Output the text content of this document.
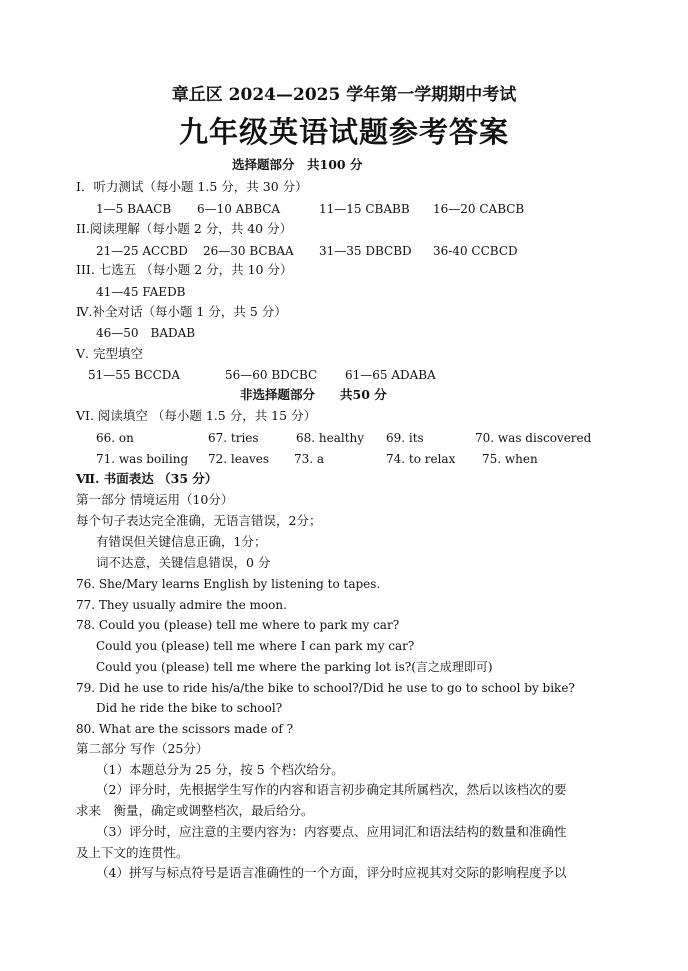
章丘区 2024—2025 学年第一学期期中考试
九年级英语试题参考答案
选择题部分　共100 分
I．听力测试（每小题 1.5 分，共 30 分）
1—5 BAACB 6—10 ABBCA	11—15 CBABB 16—20 CABCB
II.阅读理解（每小题 2 分，共 40 分）
21—25 ACCBD 26—30 BCBAA 31—35 DBCBD 36-40 CCBCD
III. 七选五 （每小题 2 分，共 10 分）
41—45 FAEDB
Ⅳ.补全对话（每小题 1 分，共 5 分）
46—50　BADAB
Ⅴ. 完型填空
51—55 BCCDA	56—60 BDCBC 61—65 ADABA
非选择题部分　　共50 分
VI. 阅读填空 （每小题 1.5 分，共 15 分）
66. on	67. tries	68. healthy 69. its	70. was discovered
71. was boiling 72. leaves 73. a	74. to relax 75. when
Ⅶ. 书面表达 （35 分）
第一部分 情境运用（10分）
每个句子表达完全准确，无语言错误，2分；
有错误但关键信息正确，1分；
词不达意，关键信息错误，0 分
76. She/Mary learns English by listening to tapes.
77. They usually admire the moon.
78. Could you (please) tell me where to park my car?
Could you (please) tell me where I can park my car?
Could you (please) tell me where the parking lot is?(言之成理即可)
79. Did he use to ride his/a/the bike to school?/Did he use to go to school by bike?
Did he ride the bike to school?
80. What are the scissors made of ?
第二部分 写作（25分）
（1）本题总分为 25 分，按 5 个档次给分。
（2）评分时，先根据学生写作的内容和语言初步确定其所属档次，然后以该档次的要
求来　衡量，确定或调整档次，最后给分。
（3）评分时，应注意的主要内容为：内容要点、应用词汇和语法结构的数量和准确性
及上下文的连贯性。
（4）拼写与标点符号是语言准确性的一个方面，评分时应视其对交际的影响程度予以
